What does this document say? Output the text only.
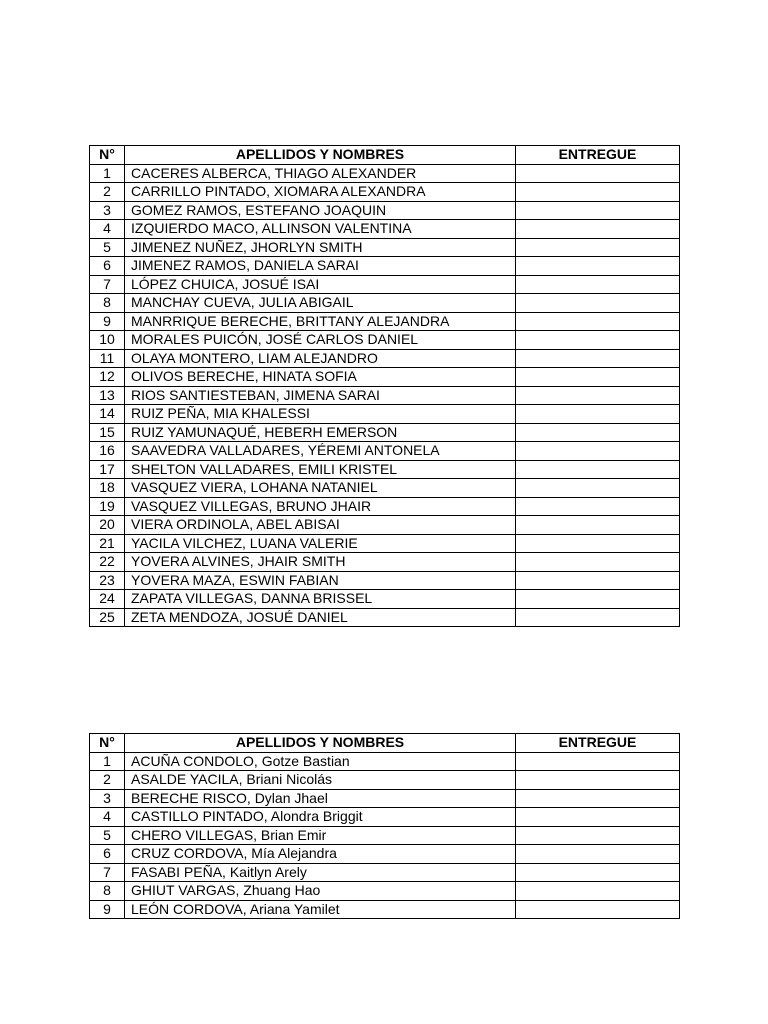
N°	APELLIDOS Y NOMBRES	ENTREGUE
1	CACERES ALBERCA, THIAGO ALEXANDER	
2	CARRILLO PINTADO, XIOMARA ALEXANDRA	
3	GOMEZ RAMOS, ESTEFANO JOAQUIN	
4	IZQUIERDO MACO, ALLINSON VALENTINA	
5	JIMENEZ NUÑEZ, JHORLYN SMITH	
6	JIMENEZ RAMOS, DANIELA SARAI	
7	LÓPEZ CHUICA, JOSUÉ ISAI	
8	MANCHAY CUEVA, JULIA ABIGAIL	
9	MANRRIQUE BERECHE, BRITTANY ALEJANDRA	
10	MORALES PUICÓN, JOSÉ CARLOS DANIEL	
11	OLAYA MONTERO, LIAM ALEJANDRO	
12	OLIVOS BERECHE, HINATA SOFIA	
13	RIOS SANTIESTEBAN, JIMENA SARAI	
14	RUIZ PEÑA, MIA KHALESSI	
15	RUIZ YAMUNAQUÉ, HEBERH EMERSON	
16	SAAVEDRA VALLADARES, YÉREMI ANTONELA	
17	SHELTON VALLADARES, EMILI KRISTEL	
18	VASQUEZ VIERA, LOHANA NATANIEL	
19	VASQUEZ VILLEGAS, BRUNO JHAIR	
20	VIERA ORDINOLA, ABEL ABISAI	
21	YACILA VILCHEZ, LUANA VALERIE	
22	YOVERA ALVINES, JHAIR SMITH	
23	YOVERA MAZA, ESWIN FABIAN	
24	ZAPATA VILLEGAS, DANNA BRISSEL	
25	ZETA MENDOZA, JOSUÉ DANIEL	
N°	APELLIDOS Y NOMBRES	ENTREGUE
1	ACUÑA CONDOLO, Gotze Bastian	
2	ASALDE YACILA, Briani Nicolás	
3	BERECHE RISCO, Dylan Jhael	
4	CASTILLO PINTADO, Alondra Briggit	
5	CHERO VILLEGAS, Brian Emir	
6	CRUZ CORDOVA, Mía Alejandra	
7	FASABI PEÑA, Kaitlyn Arely	
8	GHIUT VARGAS, Zhuang Hao	
9	LEÓN CORDOVA, Ariana Yamilet	
